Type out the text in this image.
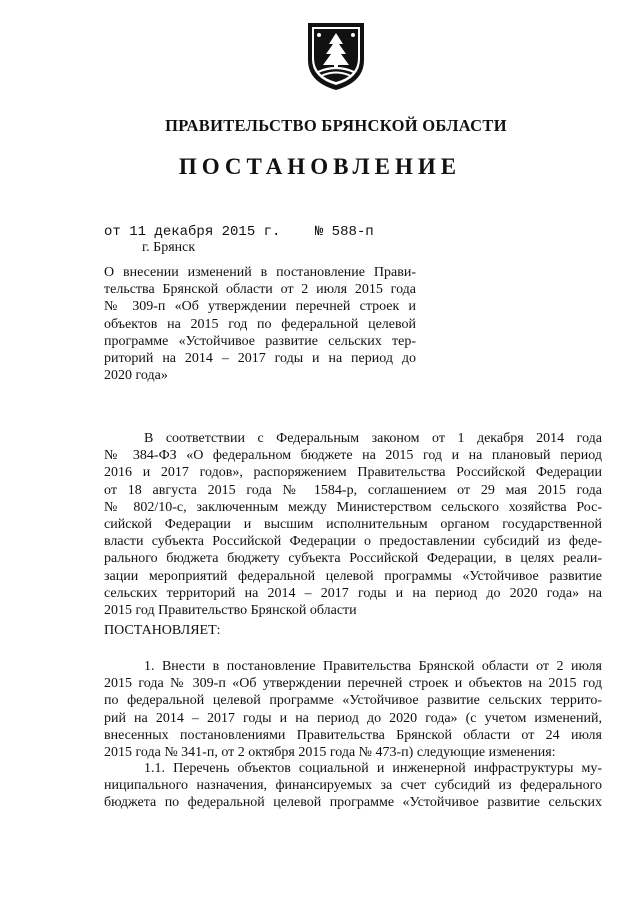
ПРАВИТЕЛЬСТВО БРЯНСКОЙ ОБЛАСТИ
ПОСТАНОВЛЕНИЕ
от 11 декабря 2015 г. № 588-п
г. Брянск
О внесении изменений в постановление Прави-
тельства Брянской области от 2 июля 2015 года
№ 309-п «Об утверждении перечней строек и
объектов на 2015 год по федеральной целевой
программе «Устойчивое развитие сельских тер-
риторий на 2014 – 2017 годы и на период до
2020 года»
В соответствии с Федеральным законом от 1 декабря 2014 года
№ 384-ФЗ «О федеральном бюджете на 2015 год и на плановый период
2016 и 2017 годов», распоряжением Правительства Российской Федерации
от 18 августа 2015 года № 1584-р, соглашением от 29 мая 2015 года
№ 802/10-с, заключенным между Министерством сельского хозяйства Рос-
сийской Федерации и высшим исполнительным органом государственной
власти субъекта Российской Федерации о предоставлении субсидий из феде-
рального бюджета бюджету субъекта Российской Федерации, в целях реали-
зации мероприятий федеральной целевой программы «Устойчивое развитие
сельских территорий на 2014 – 2017 годы и на период до 2020 года» на
2015 год Правительство Брянской области
ПОСТАНОВЛЯЕТ:
1. Внести в постановление Правительства Брянской области от 2 июля
2015 года № 309-п «Об утверждении перечней строек и объектов на 2015 год
по федеральной целевой программе «Устойчивое развитие сельских террито-
рий на 2014 – 2017 годы и на период до 2020 года» (с учетом изменений,
внесенных постановлениями Правительства Брянской области от 24 июля
2015 года № 341-п, от 2 октября 2015 года № 473-п) следующие изменения:
1.1. Перечень объектов социальной и инженерной инфраструктуры му-
ниципального назначения, финансируемых за счет субсидий из федерального
бюджета по федеральной целевой программе «Устойчивое развитие сельских
